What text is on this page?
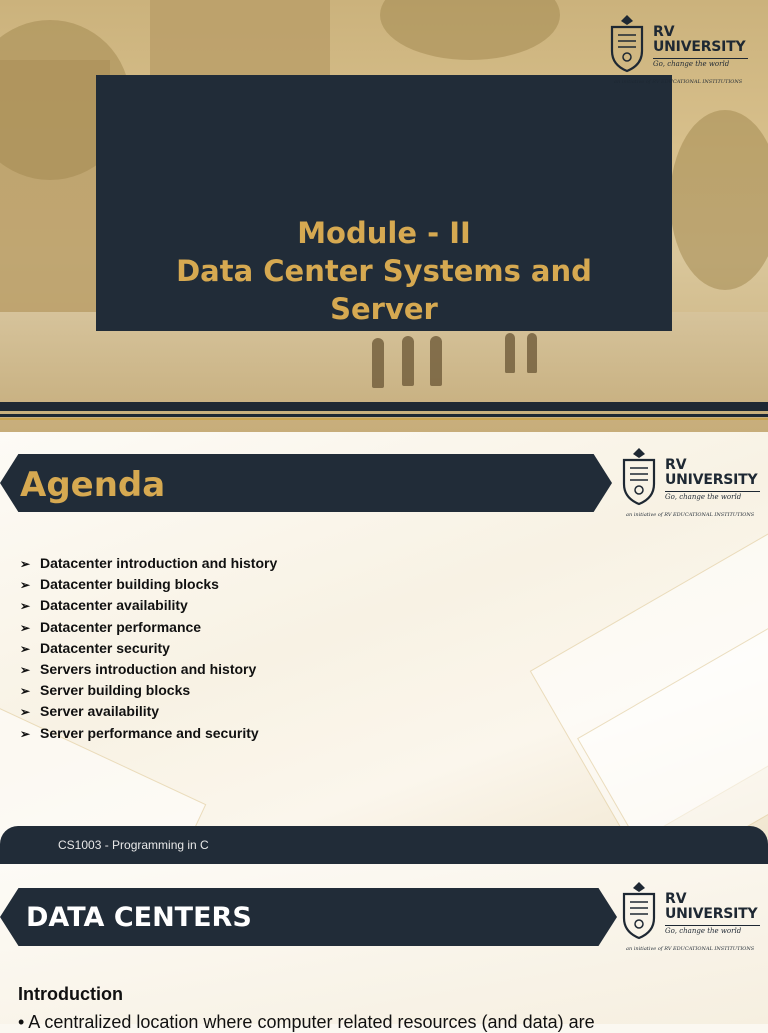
Module - II
Data Center Systems and
Server
RV
UNIVERSITY
Go, change the world
an initiative of RV EDUCATIONAL INSTITUTIONS
Agenda	RV
UNIVERSITY
Go, change the world
an initiative of RV EDUCATIONAL INSTITUTIONS
➢ Datacenter introduction and history
➢ Datacenter building blocks
➢ Datacenter availability
➢ Datacenter performance
➢ Datacenter security
➢ Servers introduction and history
➢ Server building blocks
➢ Server availability
➢ Server performance and security
CS1003 - Programming in C
DATA CENTERS
RV
UNIVERSITY
Go, change the world
an initiative of RV EDUCATIONAL INSTITUTIONS
Introduction
• A centralized location where computer related resources (and data) are
